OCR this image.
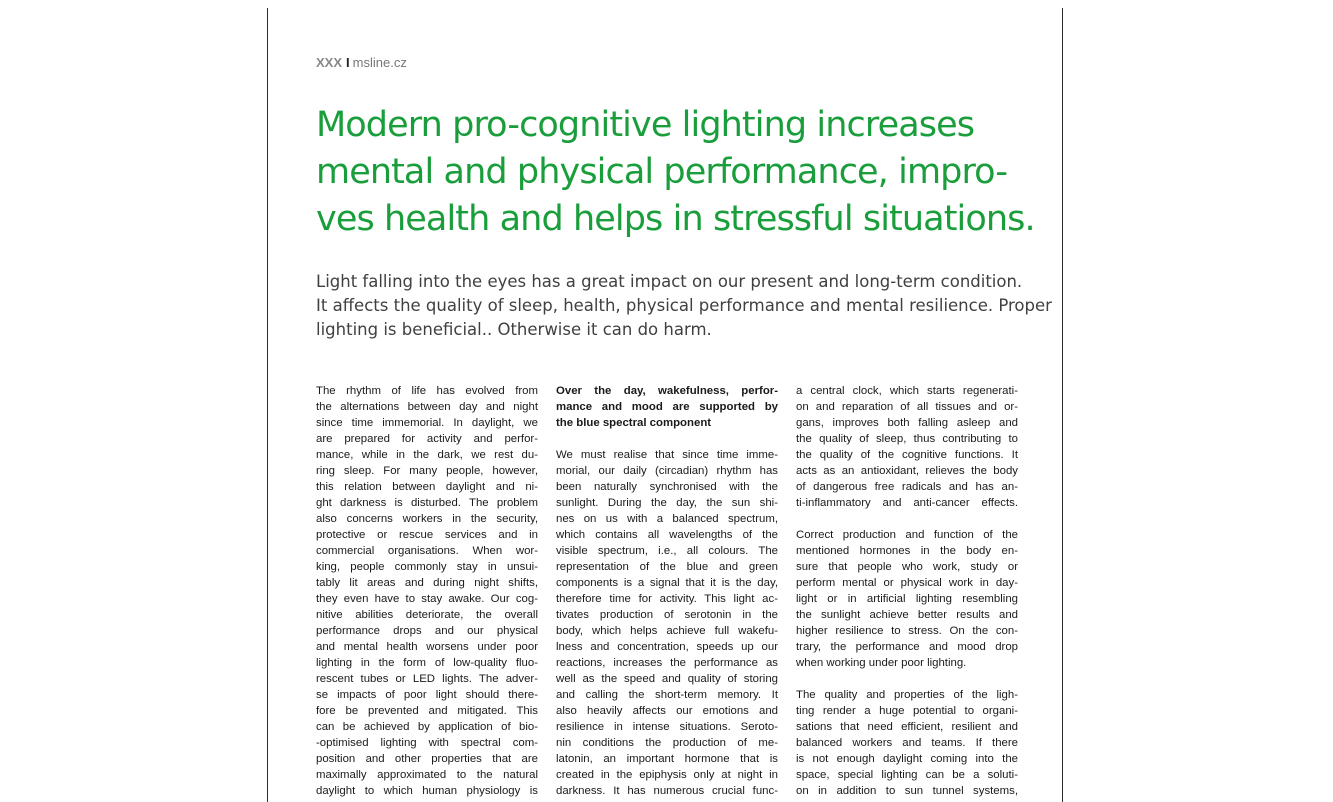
XXX I msline.cz
Modern pro-cognitive lighting increases
mental and physical performance, impro-
ves health and helps in stressful situations.
Light falling into the eyes has a great impact on our present and long-term condition.
It affects the quality of sleep, health, physical performance and mental resilience. Proper
lighting is beneficial.. Otherwise it can do harm.
The rhythm of life has evolved from
the alternations between day and night
since time immemorial. In daylight, we
are prepared for activity and perfor-
mance, while in the dark, we rest du-
ring sleep. For many people, however,
this relation between daylight and ni-
ght darkness is disturbed. The problem
also concerns workers in the security,
protective or rescue services and in
commercial organisations. When wor-
king, people commonly stay in unsui-
tably lit areas and during night shifts,
they even have to stay awake. Our cog-
nitive abilities deteriorate, the overall
performance drops and our physical
and mental health worsens under poor
lighting in the form of low-quality fluo-
rescent tubes or LED lights. The adver-
se impacts of poor light should there-
fore be prevented and mitigated. This
can be achieved by application of bio-
-optimised lighting with spectral com-
position and other properties that are
maximally approximated to the natural
daylight to which human physiology is
Over the day, wakefulness, perfor-
mance and mood are supported by
the blue spectral component
We must realise that since time imme-
morial, our daily (circadian) rhythm has
been naturally synchronised with the
sunlight. During the day, the sun shi-
nes on us with a balanced spectrum,
which contains all wavelengths of the
visible spectrum, i.e., all colours. The
representation of the blue and green
components is a signal that it is the day,
therefore time for activity. This light ac-
tivates production of serotonin in the
body, which helps achieve full wakefu-
lness and concentration, speeds up our
reactions, increases the performance as
well as the speed and quality of storing
and calling the short-term memory. It
also heavily affects our emotions and
resilience in intense situations. Seroto-
nin conditions the production of me-
latonin, an important hormone that is
created in the epiphysis only at night in
darkness. It has numerous crucial func-
a central clock, which starts regenerati-
on and reparation of all tissues and or-
gans, improves both falling asleep and
the quality of sleep, thus contributing to
the quality of the cognitive functions. It
acts as an antioxidant, relieves the body
of dangerous free radicals and has an-
ti-inflammatory and anti-cancer effects.
Correct production and function of the
mentioned hormones in the body en-
sure that people who work, study or
perform mental or physical work in day-
light or in artificial lighting resembling
the sunlight achieve better results and
higher resilience to stress. On the con-
trary, the performance and mood drop
when working under poor lighting.
The quality and properties of the ligh-
ting render a huge potential to organi-
sations that need efficient, resilient and
balanced workers and teams. If there
is not enough daylight coming into the
space, special lighting can be a soluti-
on in addition to sun tunnel systems,
